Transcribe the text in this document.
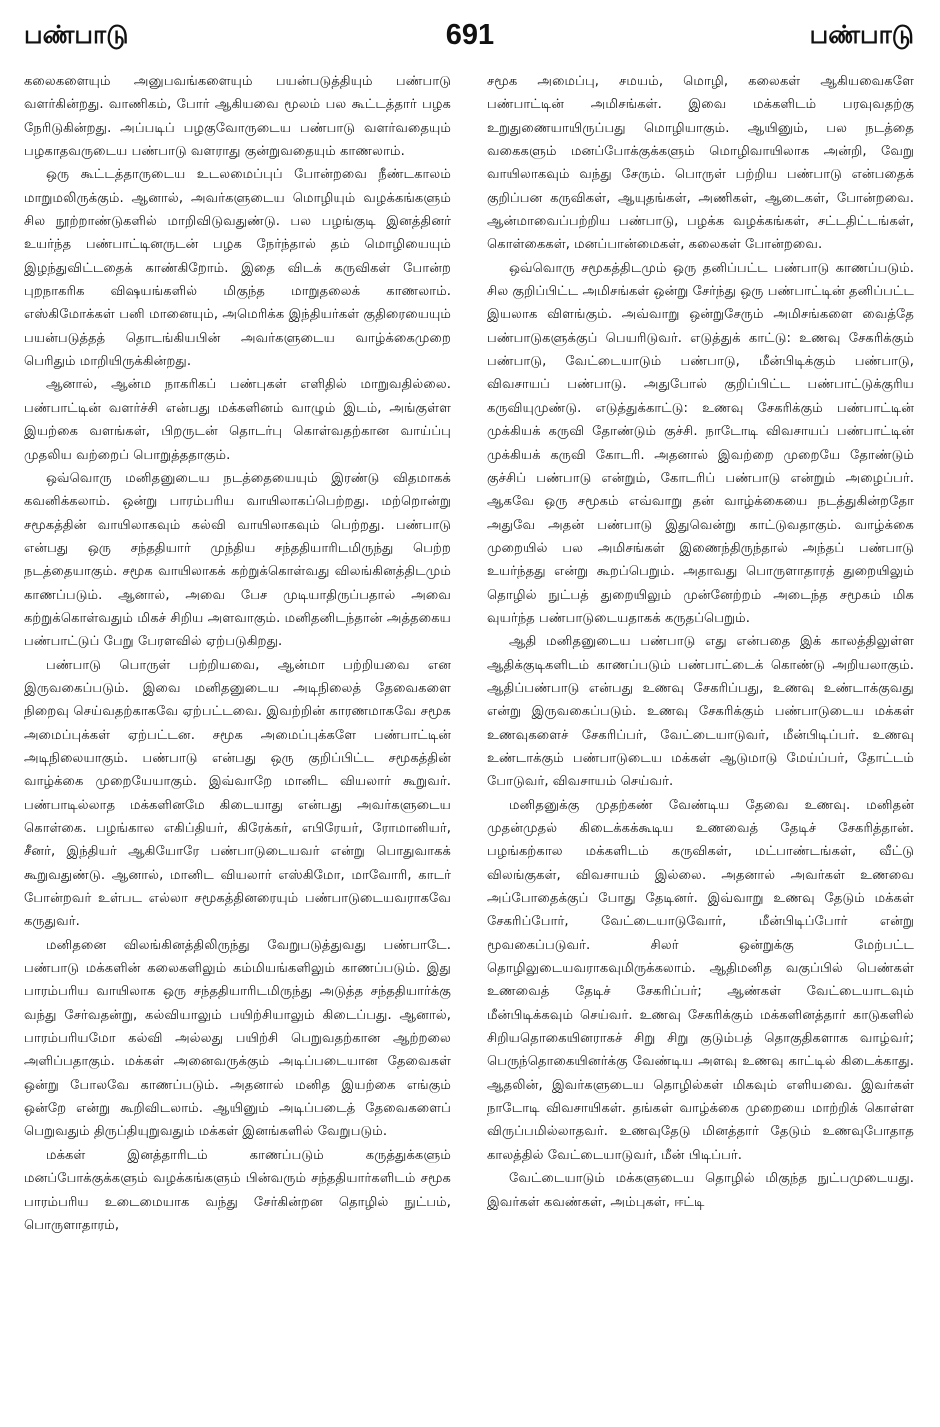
பண்பாடு	691	பண்பாடு

கலைகளையும் அனுபவங்களையும் பயன்படுத்தியும் பண்பாடு வளர்கின்றது. வாணிகம், போர் ஆகியவை மூலம் பல கூட்டத்தார் பழக நேரிடுகின்றது. அப்படிப் பழகுவோருடைய பண்பாடு வளர்வதையும் பழகாதவருடைய பண்பாடு வளராது குன்றுவதையும் காணலாம்.

ஒரு கூட்டத்தாருடைய உடலமைப்புப் போன்றவை நீண்டகாலம் மாறுமலிருக்கும். ஆனால், அவர்களுடைய மொழியும் வழக்கங்களும் சில நூற்றாண்டுகளில் மாறிவிடுவதுண்டு. பல பழங்குடி இனத்தினர் உயர்ந்த பண்பாட்டினருடன் பழக நேர்ந்தால் தம் மொழியையும் இழந்துவிட்டதைக் காண்கிறோம். இதை விடக் கருவிகள் போன்ற புறநாகரிக விஷயங்களில் மிகுந்த மாறுதலைக் காணலாம். எஸ்கிமோக்கள் பனி மானையும், அமெரிக்க இந்தியர்கள் குதிரையையும் பயன்படுத்தத் தொடங்கியபின் அவர்களுடைய வாழ்க்கைமுறை பெரிதும் மாறியிருக்கின்றது.

ஆனால், ஆன்ம நாகரிகப் பண்புகள் எளிதில் மாறுவதில்லை. பண்பாட்டின் வளர்ச்சி என்பது மக்களினம் வாழும் இடம், அங்குள்ள இயற்கை வளங்கள், பிறருடன் தொடர்பு கொள்வதற்கான வாய்ப்பு முதலிய வற்றைப் பொறுத்ததாகும்.

ஒவ்வொரு மனிதனுடைய நடத்தையையும் இரண்டு விதமாகக் கவனிக்கலாம். ஒன்று பாரம்பரிய வாயிலாகப்பெற்றது. மற்றொன்று சமூகத்தின் வாயிலாகவும் கல்வி வாயிலாகவும் பெற்றது. பண்பாடு என்பது ஒரு சந்ததியார் முந்திய சந்ததியாரிடமிருந்து பெற்ற நடத்தையாகும். சமூக வாயிலாகக் கற்றுக்கொள்வது விலங்கினத்திடமும் காணப்படும். ஆனால், அவை பேச முடியாதிருப்பதால் அவை கற்றுக்கொள்வதும் மிகச் சிறிய அளவாகும். மனிதனிடந்தான் அத்தகைய பண்பாட்டுப் பேறு பேரளவில் ஏற்படுகிறது.

பண்பாடு பொருள் பற்றியவை, ஆன்மா பற்றியவை என இருவகைப்படும். இவை மனிதனுடைய அடிநிலைத் தேவைகளை நிறைவு செய்வதற்காகவே ஏற்பட்டவை. இவற்றின் காரணமாகவே சமூக அமைப்புக்கள் ஏற்பட்டன. சமூக அமைப்புக்களே பண்பாட்டின் அடிநிலையாகும். பண்பாடு என்பது ஒரு குறிப்பிட்ட சமூகத்தின் வாழ்க்கை முறையேயாகும். இவ்வாறே மானிட வியலார் கூறுவர். பண்பாடில்லாத மக்களினமே கிடையாது என்பது அவர்களுடைய கொள்கை. பழங்கால எகிப்தியர், கிரேக்கர், எபிரேயர், ரோமானியர், சீனர், இந்தியர் ஆகியோரே பண்பாடுடையவர் என்று பொதுவாகக் கூறுவதுண்டு. ஆனால், மானிட வியலார் எஸ்கிமோ, மாவோரி, காடர் போன்றவர் உள்பட எல்லா சமூகத்தினரையும் பண்பாடுடையவராகவே கருதுவர்.

மனிதனை விலங்கினத்திலிருந்து வேறுபடுத்துவது பண்பாடே. பண்பாடு மக்களின் கலைகளிலும் கம்மியங்களிலும் காணப்படும். இது பாரம்பரிய வாயிலாக ஒரு சந்ததியாரிடமிருந்து அடுத்த சந்ததியார்க்கு வந்து சேர்வதன்று, கல்வியாலும் பயிற்சியாலும் கிடைப்பது. ஆனால், பாரம்பரியமோ கல்வி அல்லது பயிற்சி பெறுவதற்கான ஆற்றலை அளிப்பதாகும். மக்கள் அனைவருக்கும் அடிப்படையான தேவைகள் ஒன்று போலவே காணப்படும். அதனால் மனித இயற்கை எங்கும் ஒன்றே என்று கூறிவிடலாம். ஆயினும் அடிப்படைத் தேவைகளைப் பெறுவதும் திருப்தியுறுவதும் மக்கள் இனங்களில் வேறுபடும்.

மக்கள் இனத்தாரிடம் காணப்படும் கருத்துக்களும் மனப்போக்குக்களும் வழக்கங்களும் பின்வரும் சந்ததியார்களிடம் சமூக பாரம்பரிய உடைமையாக வந்து சேர்கின்றன தொழில் நுட்பம், பொருளாதாரம்,

சமூக அமைப்பு, சமயம், மொழி, கலைகள் ஆகியவைகளே பண்பாட்டின் அமிசங்கள். இவை மக்களிடம் பரவுவதற்கு உறுதுணையாயிருப்பது மொழியாகும். ஆயினும், பல நடத்தை வகைகளும் மனப்போக்குக்களும் மொழிவாயிலாக அன்றி, வேறு வாயிலாகவும் வந்து சேரும். பொருள் பற்றிய பண்பாடு என்பதைக் குறிப்பன கருவிகள், ஆயுதங்கள், அணிகள், ஆடைகள், போன்றவை. ஆன்மாவைப்பற்றிய பண்பாடு, பழக்க வழக்கங்கள், சட்டதிட்டங்கள், கொள்கைகள், மனப்பான்மைகள், கலைகள் போன்றவை.

ஒவ்வொரு சமூகத்திடமும் ஒரு தனிப்பட்ட பண்பாடு காணப்படும். சில குறிப்பிட்ட அமிசங்கள் ஒன்று சேர்ந்து ஒரு பண்பாட்டின் தனிப்பட்ட இயலாக விளங்கும். அவ்வாறு ஒன்றுசேரும் அமிசங்களை வைத்தே பண்பாடுகளுக்குப் பெயரிடுவர். எடுத்துக் காட்டு: உணவு சேகரிக்கும் பண்பாடு, வேட்டையாடும் பண்பாடு, மீன்பிடிக்கும் பண்பாடு, விவசாயப் பண்பாடு. அதுபோல் குறிப்பிட்ட பண்பாட்டுக்குரிய கருவியுமுண்டு. எடுத்துக்காட்டு: உணவு சேகரிக்கும் பண்பாட்டின் முக்கியக் கருவி தோண்டும் குச்சி. நாடோடி விவசாயப் பண்பாட்டின் முக்கியக் கருவி கோடரி. அதனால் இவற்றை முறையே தோண்டும் குச்சிப் பண்பாடு என்றும், கோடரிப் பண்பாடு என்றும் அழைப்பர். ஆகவே ஒரு சமூகம் எவ்வாறு தன் வாழ்க்கையை நடத்துகின்றதோ அதுவே அதன் பண்பாடு இதுவென்று காட்டுவதாகும். வாழ்க்கை முறையில் பல அமிசங்கள் இணைந்திருந்தால் அந்தப் பண்பாடு உயர்ந்தது என்று கூறப்பெறும். அதாவது பொருளாதாரத் துறையிலும் தொழில் நுட்பத் துறையிலும் முன்னேற்றம் அடைந்த சமூகம் மிக வுயர்ந்த பண்பாடுடையதாகக் கருதப்பெறும்.

ஆதி மனிதனுடைய பண்பாடு எது என்பதை இக் காலத்திலுள்ள ஆதிக்குடிகளிடம் காணப்படும் பண்பாட்டைக் கொண்டு அறியலாகும். ஆதிப்பண்பாடு என்பது உணவு சேகரிப்பது, உணவு உண்டாக்குவது என்று இருவகைப்படும். உணவு சேகரிக்கும் பண்பாடுடைய மக்கள் உணவுகளைச் சேகரிப்பர், வேட்டையாடுவர், மீன்பிடிப்பர். உணவு உண்டாக்கும் பண்பாடுடைய மக்கள் ஆடுமாடு மேய்ப்பர், தோட்டம் போடுவர், விவசாயம் செய்வர்.

மனிதனுக்கு முதற்கண் வேண்டிய தேவை உணவு. மனிதன் முதன்முதல் கிடைக்கக்கூடிய உணவைத் தேடிச் சேகரித்தான். பழங்கற்கால மக்களிடம் கருவிகள், மட்பாண்டங்கள், வீட்டு விலங்குகள், விவசாயம் இல்லை. அதனால் அவர்கள் உணவை அப்போதைக்குப் போது தேடினர். இவ்வாறு உணவு தேடும் மக்கள் சேகரிப்போர், வேட்டையாடுவோர், மீன்பிடிப்போர் என்று மூவகைப்படுவர். சிலர் ஒன்றுக்கு மேற்பட்ட தொழிலுடையவராகவுமிருக்கலாம். ஆதிமனித வகுப்பில் பெண்கள் உணவைத் தேடிச் சேகரிப்பர்; ஆண்கள் வேட்டையாடவும் மீன்பிடிக்கவும் செய்வர். உணவு சேகரிக்கும் மக்களினத்தார் காடுகளில் சிறியதொகையினராகச் சிறு சிறு குடும்பத் தொகுதிகளாக வாழ்வர்; பெருந்தொகையினர்க்கு வேண்டிய அளவு உணவு காட்டில் கிடைக்காது. ஆதலின், இவர்களுடைய தொழில்கள் மிகவும் எளியவை. இவர்கள் நாடோடி விவசாயிகள். தங்கள் வாழ்க்கை முறையை மாற்றிக் கொள்ள விருப்பமில்லாதவர். உணவுதேடு மினத்தார் தேடும் உணவுபோதாத காலத்தில் வேட்டையாடுவர், மீன் பிடிப்பர்.

வேட்டையாடும் மக்களுடைய தொழில் மிகுந்த நுட்பமுடையது. இவர்கள் கவண்கள், அம்புகள், ஈட்டி
